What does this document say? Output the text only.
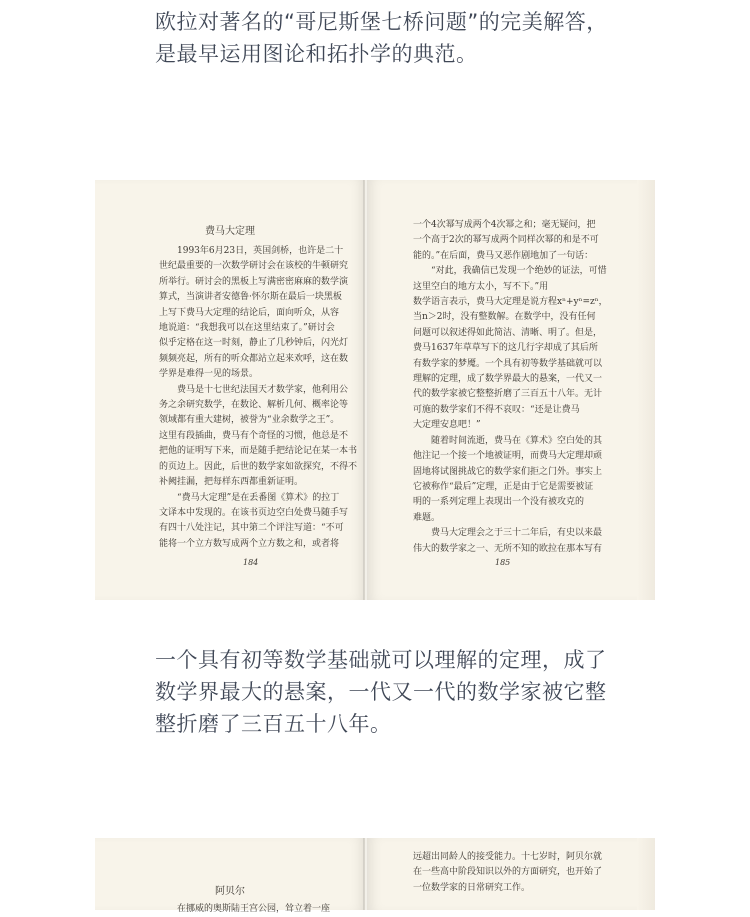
欧拉对著名的“哥尼斯堡七桥问题”的完美解答，

是最早运用图论和拓扑学的典范。

费马大定理

1993年6月23日，英国剑桥，也许是二十

世纪最重要的一次数学研讨会在该校的牛顿研究

所举行。研讨会的黑板上写满密密麻麻的数学演

算式，当演讲者安德鲁·怀尔斯在最后一块黑板

上写下费马大定理的结论后，面向听众，从容

地说道：“我想我可以在这里结束了。”研讨会

似乎定格在这一时刻，静止了几秒钟后，闪光灯

频频亮起，所有的听众都站立起来欢呼，这在数

学界是难得一见的场景。

费马是十七世纪法国天才数学家，他利用公

务之余研究数学，在数论、解析几何、概率论等

领域都有重大建树，被誉为“业余数学之王”。

这里有段插曲，费马有个奇怪的习惯，他总是不

把他的证明写下来，而是随手把结论记在某一本书

的页边上。因此，后世的数学家如欲探究，不得不

补阙挂漏，把每样东西都重新证明。

“费马大定理”是在丢番图《算术》的拉丁

文译本中发现的。在该书页边空白处费马随手写

有四十八处注记，其中第二个评注写道：“不可

能将一个立方数写成两个立方数之和，或者将

184

一个4次幂写成两个4次幂之和；毫无疑问，把

一个高于2次的幂写成两个同样次幂的和是不可

能的。”在后面，费马又恶作剧地加了一句话：

“对此，我确信已发现一个绝妙的证法，可惜

这里空白的地方太小，写不下。”用

数学语言表示，费马大定理是说方程xⁿ+yⁿ=zⁿ，

当n＞2时，没有整数解。在数学中，没有任何

问题可以叙述得如此简洁、清晰、明了。但是，

费马1637年草草写下的这几行字却成了其后所

有数学家的梦魇。一个具有初等数学基础就可以

理解的定理，成了数学界最大的悬案，一代又一

代的数学家被它整整折磨了三百五十八年。无计

可施的数学家们不得不哀叹：“还是让费马

大定理安息吧！”

随着时间流逝，费马在《算术》空白处的其

他注记一个接一个地被证明，而费马大定理却顽

固地将试图挑战它的数学家们拒之门外。事实上

它被称作“最后”定理，正是由于它是需要被证

明的一系列定理上表现出一个没有被攻克的

难题。

费马大定理会之于三十二年后，有史以来最

伟大的数学家之一、无所不知的欧拉在那本写有

185

一个具有初等数学基础就可以理解的定理，成了

数学界最大的悬案，一代又一代的数学家被它整

整折磨了三百五十八年。

阿贝尔

在挪威的奥斯陆王宫公园，耸立着一座

远超出同龄人的接受能力。十七岁时，阿贝尔就

在一些高中阶段知识以外的方面研究，也开始了

一位数学家的日常研究工作。
